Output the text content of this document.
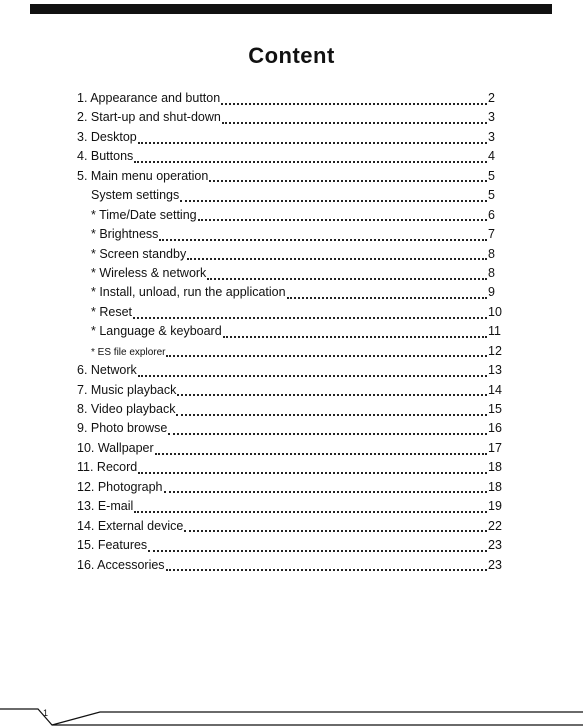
Content
1. Appearance and button	2
2. Start-up and shut-down	3
3. Desktop	3
4. Buttons	4
5. Main menu operation	5
System settings	5
* Time/Date setting	6
* Brightness	7
* Screen standby	8
* Wireless & network	8
* Install, unload, run the application	9
* Reset	10
* Language & keyboard	11
* ES file explorer	12
6. Network	13
7. Music playback	14
8. Video playback	15
9. Photo browse	16
10. Wallpaper	17
11. Record	18
12. Photograph	18
13. E-mail	19
14. External device	22
15. Features	23
16. Accessories	23
1
